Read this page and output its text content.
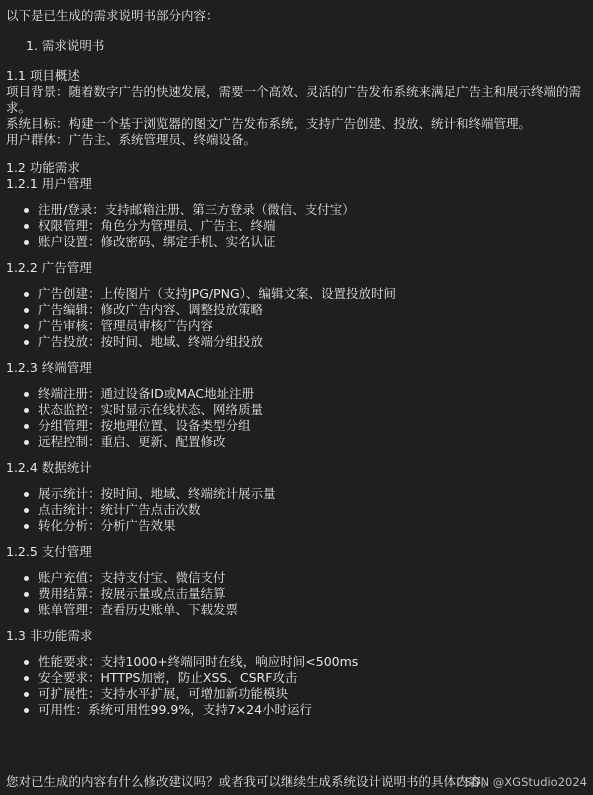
以下是已生成的需求说明书部分内容：

1. 需求说明书

1.1 项目概述

项目背景：随着数字广告的快速发展，需要一个高效、灵活的广告发布系统来满足广告主和展示终端的需求。

系统目标：构建一个基于浏览器的图文广告发布系统，支持广告创建、投放、统计和终端管理。

用户群体：广告主、系统管理员、终端设备。

1.2 功能需求

1.2.1 用户管理

注册/登录：支持邮箱注册、第三方登录（微信、支付宝）
权限管理：角色分为管理员、广告主、终端
账户设置：修改密码、绑定手机、实名认证

1.2.2 广告管理

广告创建：上传图片（支持JPG/PNG）、编辑文案、设置投放时间
广告编辑：修改广告内容、调整投放策略
广告审核：管理员审核广告内容
广告投放：按时间、地域、终端分组投放

1.2.3 终端管理

终端注册：通过设备ID或MAC地址注册
状态监控：实时显示在线状态、网络质量
分组管理：按地理位置、设备类型分组
远程控制：重启、更新、配置修改

1.2.4 数据统计

展示统计：按时间、地域、终端统计展示量
点击统计：统计广告点击次数
转化分析：分析广告效果

1.2.5 支付管理

账户充值：支持支付宝、微信支付
费用结算：按展示量或点击量结算
账单管理：查看历史账单、下载发票

1.3 非功能需求

性能要求：支持1000+终端同时在线，响应时间<500ms
安全要求：HTTPS加密，防止XSS、CSRF攻击
可扩展性：支持水平扩展，可增加新功能模块
可用性：系统可用性99.9%，支持7×24小时运行
您对已生成的内容有什么修改建议吗？或者我可以继续生成系统设计说明书的具体内容。
CSDN @XGStudio2024
